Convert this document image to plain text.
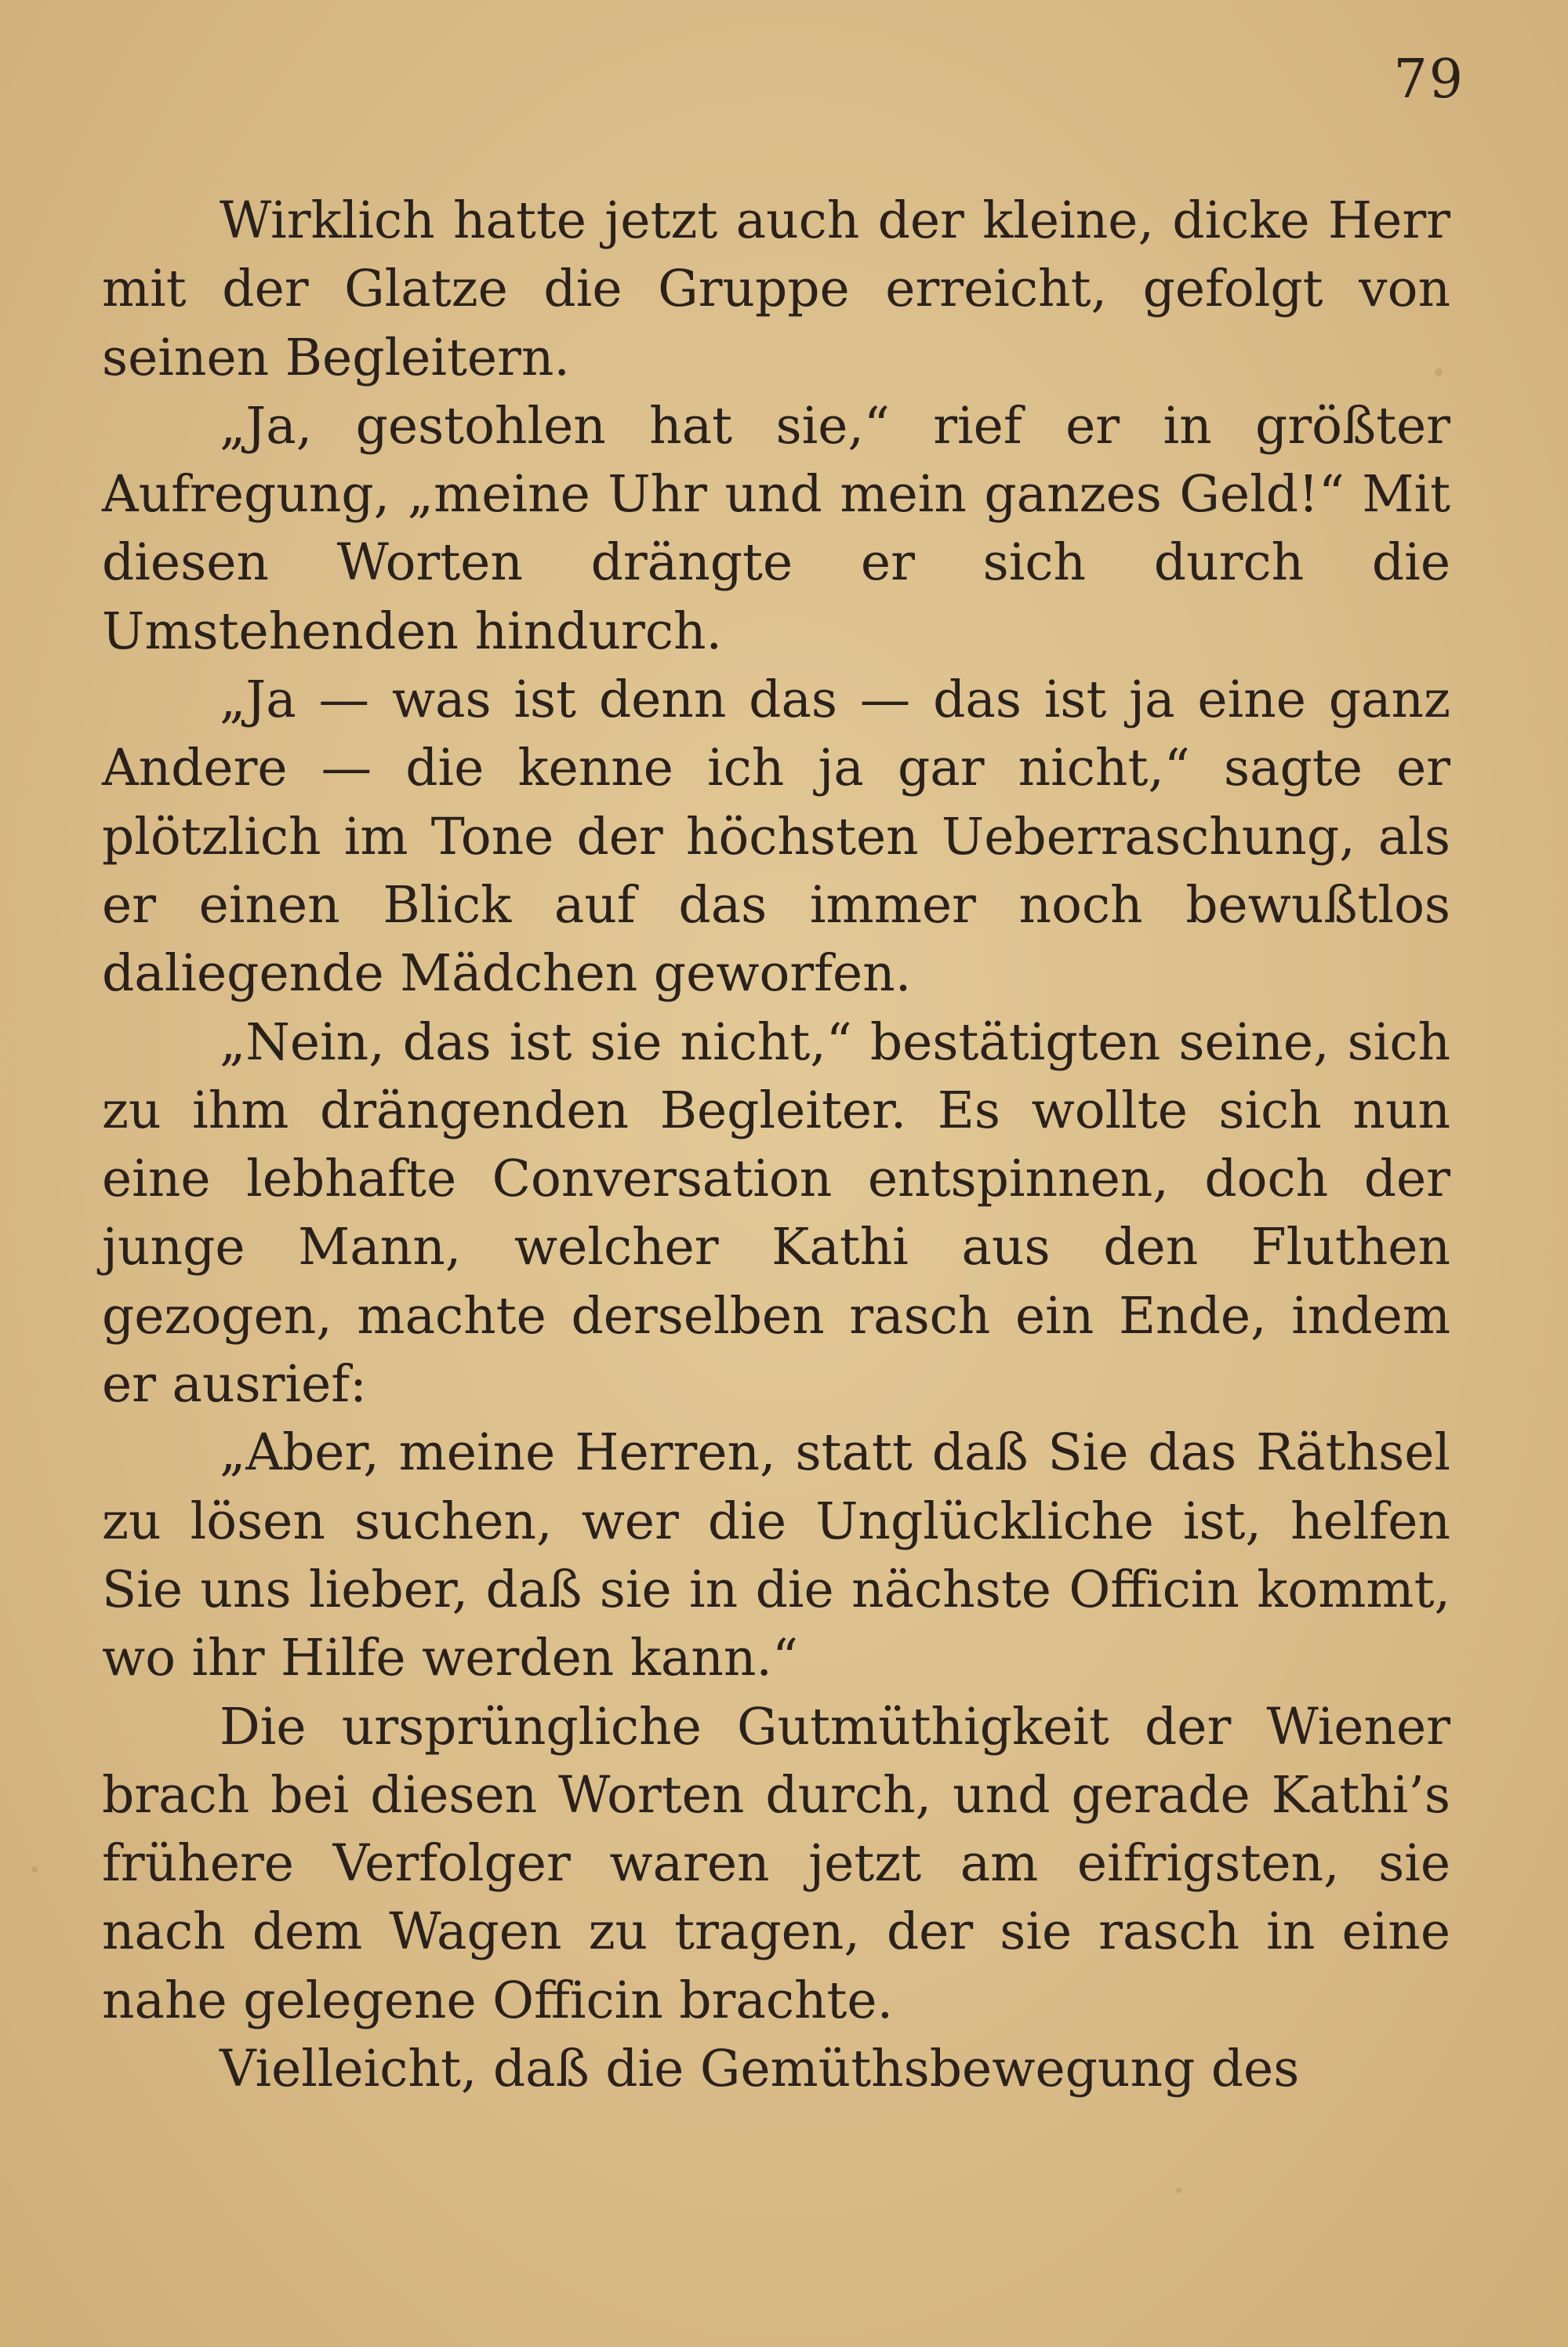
79

Wirklich hatte jetzt auch der kleine, dicke Herr mit der Glatze die Gruppe erreicht, gefolgt von seinen Begleitern.

„Ja, gestohlen hat sie,“ rief er in größter Aufregung, „meine Uhr und mein ganzes Geld!“ Mit diesen Worten drängte er sich durch die Umstehenden hindurch.

„Ja — was ist denn das — das ist ja eine ganz Andere — die kenne ich ja gar nicht,“ sagte er plötzlich im Tone der höchsten Ueberraschung, als er einen Blick auf das immer noch bewußtlos daliegende Mädchen geworfen.

„Nein, das ist sie nicht,“ bestätigten seine, sich zu ihm drängenden Begleiter. Es wollte sich nun eine lebhafte Conversation entspinnen, doch der junge Mann, welcher Kathi aus den Fluthen gezogen, machte derselben rasch ein Ende, indem er ausrief:

„Aber, meine Herren, statt daß Sie das Räthsel zu lösen suchen, wer die Unglückliche ist, helfen Sie uns lieber, daß sie in die nächste Officin kommt, wo ihr Hilfe werden kann.“

Die ursprüngliche Gutmüthigkeit der Wiener brach bei diesen Worten durch, und gerade Kathi’s frühere Verfolger waren jetzt am eifrigsten, sie nach dem Wagen zu tragen, der sie rasch in eine nahe gelegene Officin brachte.

Vielleicht, daß die Gemüthsbewegung des
